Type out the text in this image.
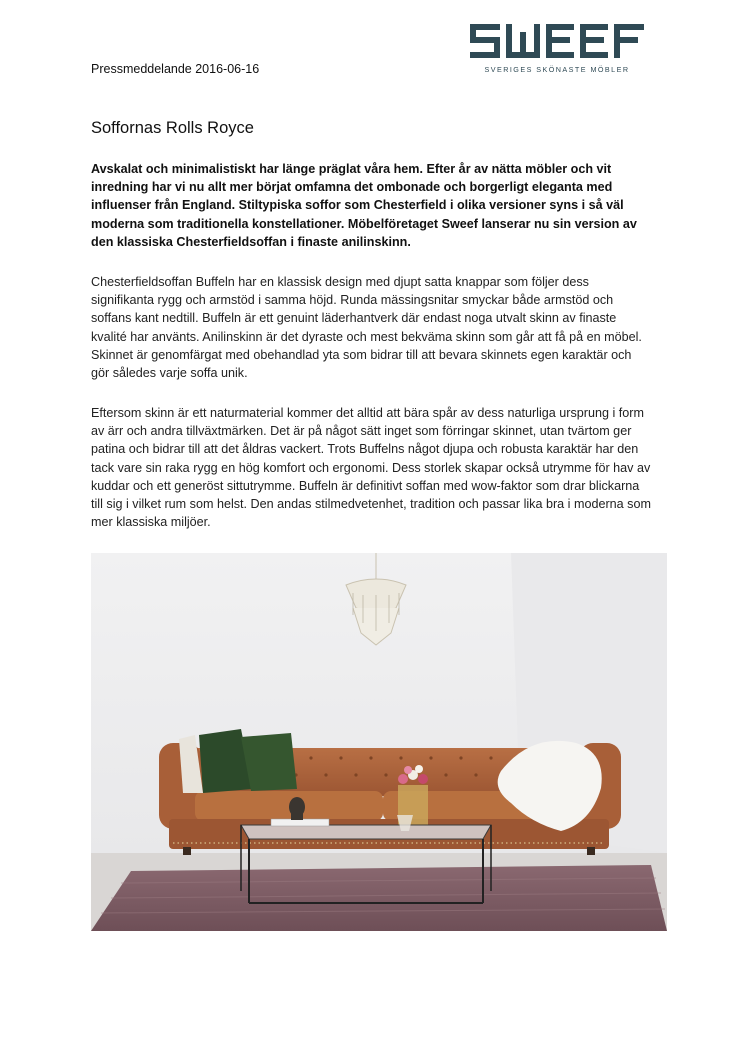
Pressmeddelande 2016-06-16	SVERIGES SKÖNASTE MÖBLER
Soffornas Rolls Royce

Avskalat och minimalistiskt har länge präglat våra hem. Efter år av nätta möbler och vit inredning har vi nu allt mer börjat omfamna det ombonade och borgerligt eleganta med influenser från England. Stiltypiska soffor som Chesterfield i olika versioner syns i så väl moderna som traditionella konstellationer. Möbelföretaget Sweef lanserar nu sin version av den klassiska Chesterfieldsoffan i finaste anilinskinn.

Chesterfieldsoffan Buffeln har en klassisk design med djupt satta knappar som följer dess signifikanta rygg och armstöd i samma höjd. Runda mässingsnitar smyckar både armstöd och soffans kant nedtill. Buffeln är ett genuint läderhantverk där endast noga utvalt skinn av finaste kvalité har använts. Anilinskinn är det dyraste och mest bekväma skinn som går att få på en möbel. Skinnet är genomfärgat med obehandlad yta som bidrar till att bevara skinnets egen karaktär och gör således varje soffa unik.

Eftersom skinn är ett naturmaterial kommer det alltid att bära spår av dess naturliga ursprung i form av ärr och andra tillväxtmärken. Det är på något sätt inget som förringar skinnet, utan tvärtom ger patina och bidrar till att det åldras vackert. Trots Buffelns något djupa och robusta karaktär har den tack vare sin raka rygg en hög komfort och ergonomi. Dess storlek skapar också utrymme för hav av kuddar och ett generöst sittutrymme. Buffeln är definitivt soffan med wow-faktor som drar blickarna till sig i vilket rum som helst. Den andas stilmedvetenhet, tradition och passar lika bra i moderna som mer klassiska miljöer.
